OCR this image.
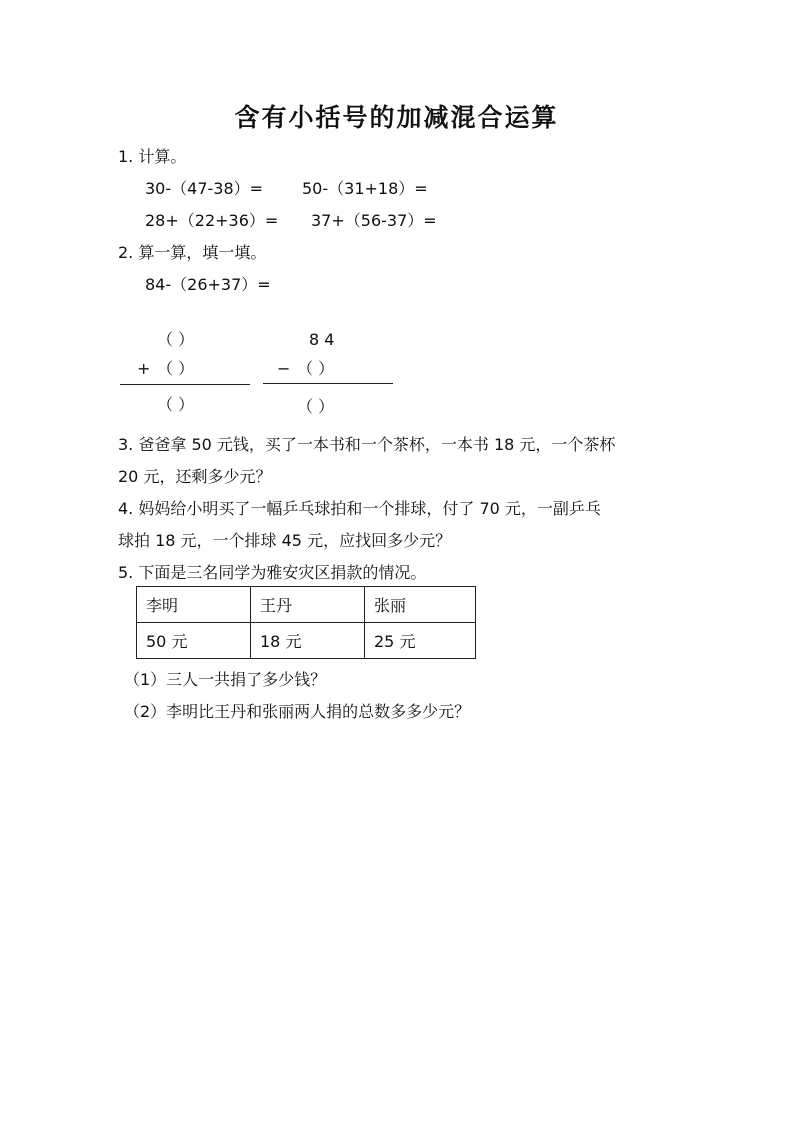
含有小括号的加减混合运算
1. 计算。
30-（47-38）= 50-（31+18）=
28+（22+36）= 37+（56-37）=
2. 算一算，填一填。
84-（26+37）=
（ ）
+ （ ）
（ ）
8 4
− （ ）
（ ）
3. 爸爸拿 50 元钱，买了一本书和一个茶杯，一本书 18 元，一个茶杯
20 元，还剩多少元？
4. 妈妈给小明买了一幅乒乓球拍和一个排球，付了 70 元，一副乒乓
球拍 18 元，一个排球 45 元，应找回多少元？
5. 下面是三名同学为雅安灾区捐款的情况。
李明	王丹	张丽
50 元	18 元	25 元
（1）三人一共捐了多少钱？
（2）李明比王丹和张丽两人捐的总数多多少元？
